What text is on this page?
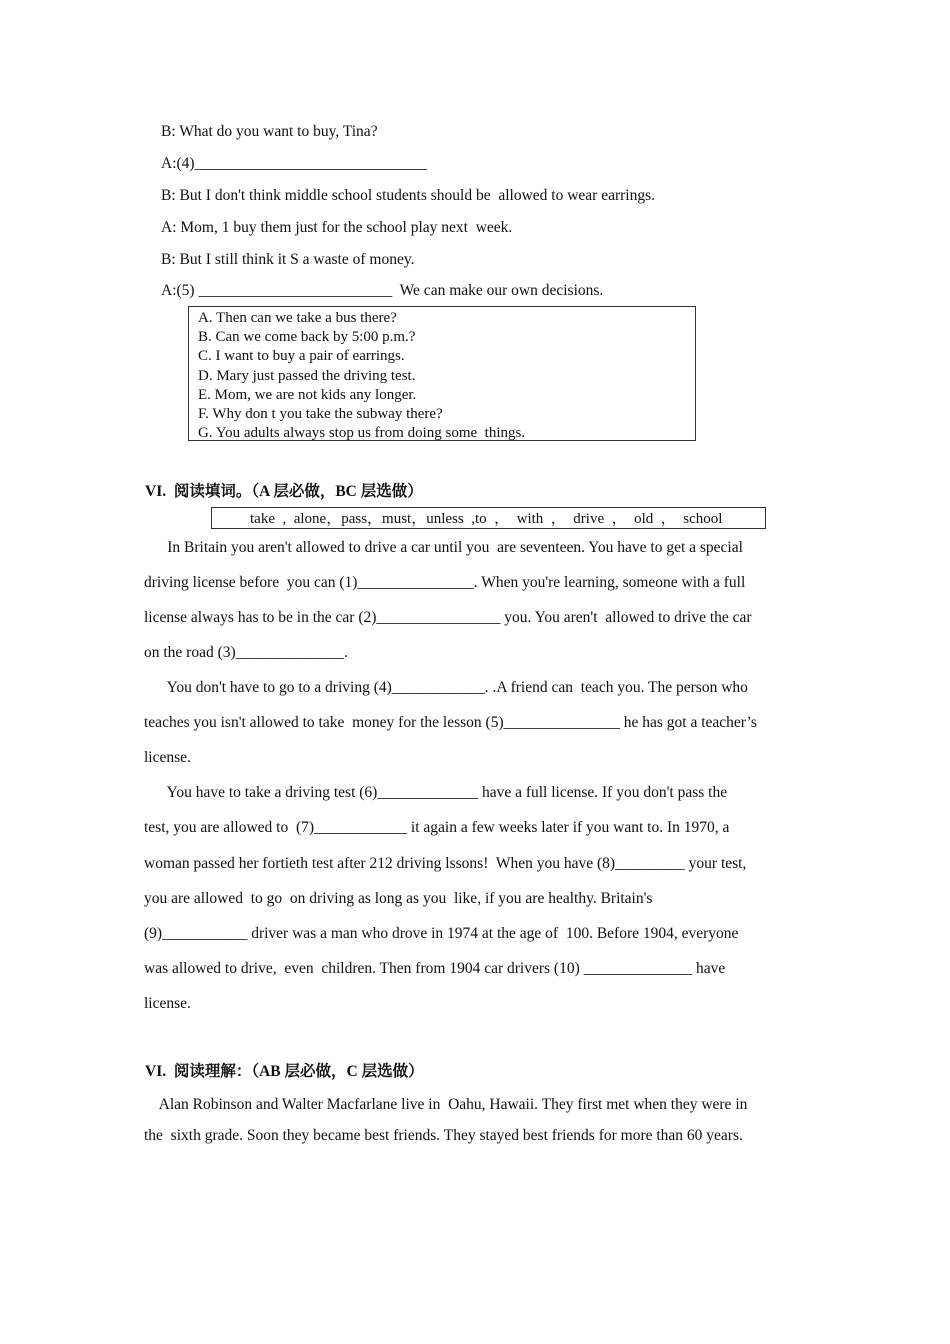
B: What do you want to buy, Tina?
A:(4)______________________________
B: But I don't think middle school students should be  allowed to wear earrings.
A: Mom, 1 buy them just for the school play next  week.
B: But I still think it S a waste of money.
A:(5) _________________________  We can make our own decisions.
A. Then can we take a bus there?
B. Can we come back by 5:00 p.m.?
C. I want to buy a pair of earrings.
D. Mary just passed the driving test.
E. Mom, we are not kids any longer.
F. Why don t you take the subway there?
G. You adults always stop us from doing some  things.
VI.  阅读填词。（A 层必做，BC 层选做）

take  ,  alone，pass，must，unless  ,to  ，  with  ，  drive  ，  old  ，  school

In Britain you aren't allowed to drive a car until you  are seventeen. You have to get a special
driving license before  you can (1)_______________. When you're learning, someone with a full
license always has to be in the car (2)________________ you. You aren't  allowed to drive the car
on the road (3)______________.
You don't have to go to a driving (4)____________. .A friend can  teach you. The person who
teaches you isn't allowed to take  money for the lesson (5)_______________ he has got a teacher’s
license.
You have to take a driving test (6)_____________ have a full license. If you don't pass the
test, you are allowed to  (7)____________ it again a few weeks later if you want to. In 1970, a
woman passed her fortieth test after 212 driving lssons!  When you have (8)_________ your test,
you are allowed  to go  on driving as long as you  like, if you are healthy. Britain's
(9)___________ driver was a man who drove in 1974 at the age of  100. Before 1904, everyone
was allowed to drive,  even  children. Then from 1904 car drivers (10) ______________ have
license.
VI.  阅读理解：（AB 层必做，C 层选做）
Alan Robinson and Walter Macfarlane live in  Oahu, Hawaii. They first met when they were in
the  sixth grade. Soon they became best friends. They stayed best friends for more than 60 years.
